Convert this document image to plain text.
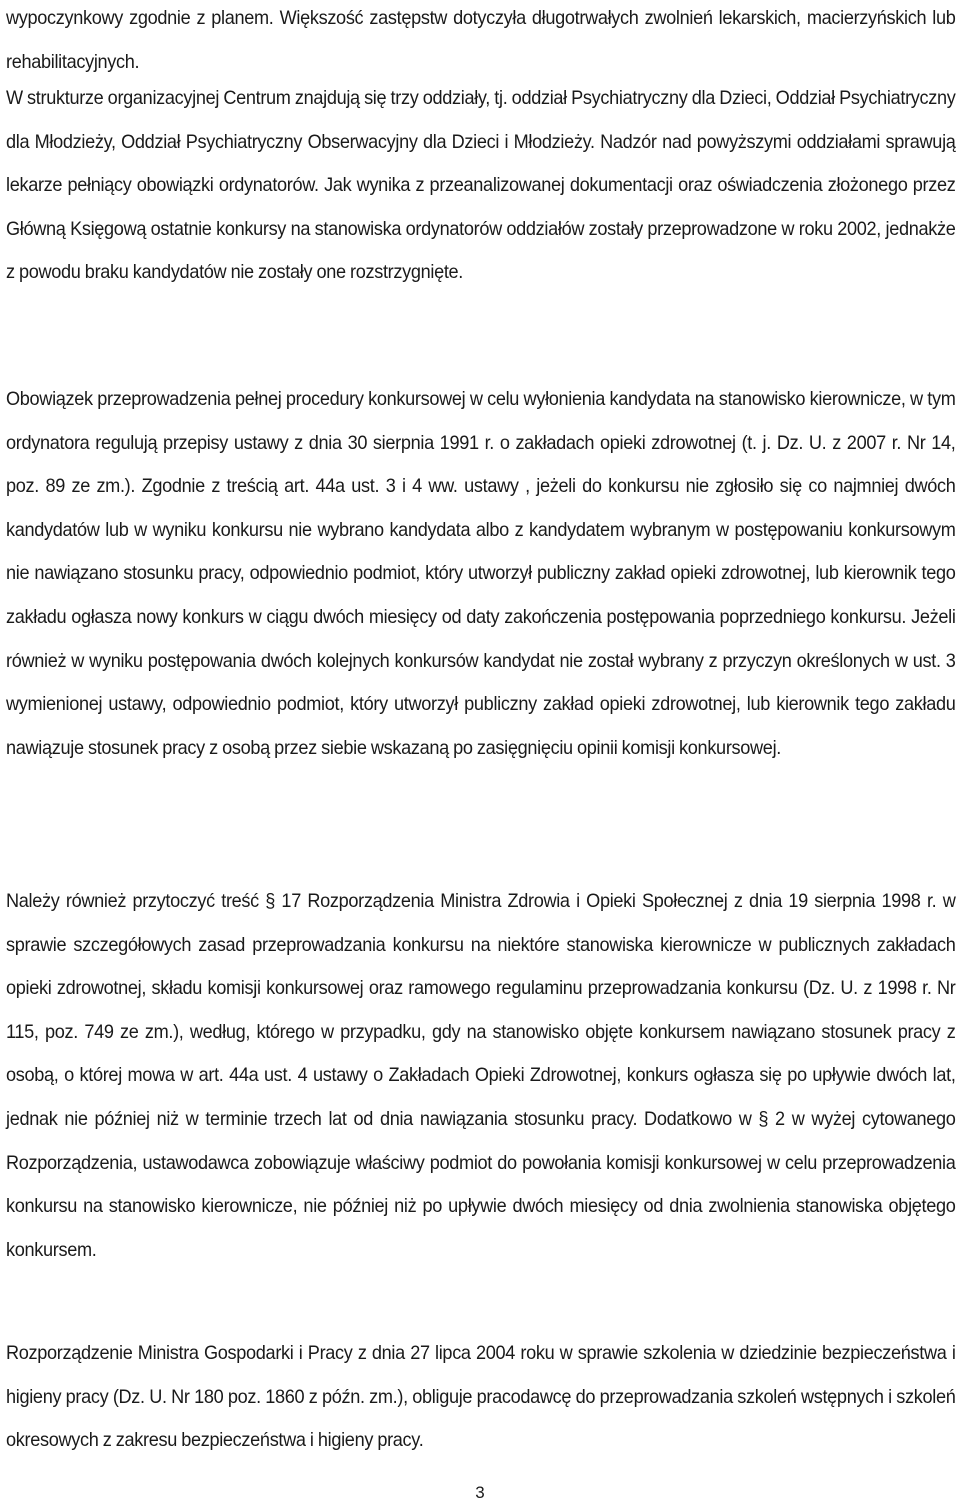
wypoczynkowy zgodnie z planem. Większość zastępstw dotyczyła długotrwałych zwolnień lekarskich, macierzyńskich lub rehabilitacyjnych.

W strukturze organizacyjnej Centrum znajdują się trzy oddziały, tj. oddział Psychiatryczny dla Dzieci, Oddział Psychiatryczny dla Młodzieży, Oddział Psychiatryczny Obserwacyjny dla Dzieci i Młodzieży. Nadzór nad powyższymi oddziałami sprawują lekarze pełniący obowiązki ordynatorów. Jak wynika z przeanalizowanej dokumentacji oraz oświadczenia złożonego przez Główną Księgową ostatnie konkursy na stanowiska ordynatorów oddziałów zostały przeprowadzone w roku 2002, jednakże z powodu braku kandydatów nie zostały one rozstrzygnięte.

Obowiązek przeprowadzenia pełnej procedury konkursowej w celu wyłonienia kandydata na stanowisko kierownicze, w tym ordynatora regulują przepisy ustawy z dnia 30 sierpnia 1991 r. o zakładach opieki zdrowotnej (t. j. Dz. U. z 2007 r. Nr 14, poz. 89 ze zm.). Zgodnie z treścią art. 44a ust. 3 i 4 ww. ustawy , jeżeli do konkursu nie zgłosiło się co najmniej dwóch kandydatów lub w wyniku konkursu nie wybrano kandydata albo z kandydatem wybranym w postępowaniu konkursowym nie nawiązano stosunku pracy, odpowiednio podmiot, który utworzył publiczny zakład opieki zdrowotnej, lub kierownik tego zakładu ogłasza nowy konkurs w ciągu dwóch miesięcy od daty zakończenia postępowania poprzedniego konkursu. Jeżeli również w wyniku postępowania dwóch kolejnych konkursów kandydat nie został wybrany z przyczyn określonych w ust. 3 wymienionej ustawy, odpowiednio podmiot, który utworzył publiczny zakład opieki zdrowotnej, lub kierownik tego zakładu nawiązuje stosunek pracy z osobą przez siebie wskazaną po zasięgnięciu opinii komisji konkursowej.

Należy również przytoczyć treść § 17 Rozporządzenia Ministra Zdrowia i Opieki Społecznej z dnia 19 sierpnia 1998 r. w sprawie szczegółowych zasad przeprowadzania konkursu na niektóre stanowiska kierownicze w publicznych zakładach opieki zdrowotnej, składu komisji konkursowej oraz ramowego regulaminu przeprowadzania konkursu (Dz. U. z 1998 r. Nr 115, poz. 749 ze zm.), według, którego w przypadku, gdy na stanowisko objęte konkursem nawiązano stosunek pracy z osobą, o której mowa w art. 44a ust. 4 ustawy o Zakładach Opieki Zdrowotnej, konkurs ogłasza się po upływie dwóch lat, jednak nie później niż w terminie trzech lat od dnia nawiązania stosunku pracy. Dodatkowo w § 2 w wyżej cytowanego Rozporządzenia, ustawodawca zobowiązuje właściwy podmiot do powołania komisji konkursowej w celu przeprowadzenia konkursu na stanowisko kierownicze, nie później niż po upływie dwóch miesięcy od dnia zwolnienia stanowiska objętego konkursem.

Rozporządzenie Ministra Gospodarki i Pracy z dnia 27 lipca 2004 roku w sprawie szkolenia w dziedzinie bezpieczeństwa i higieny pracy (Dz. U. Nr 180 poz. 1860 z późn. zm.), obliguje pracodawcę do przeprowadzania szkoleń wstępnych i szkoleń okresowych z zakresu bezpieczeństwa i higieny pracy.

3
